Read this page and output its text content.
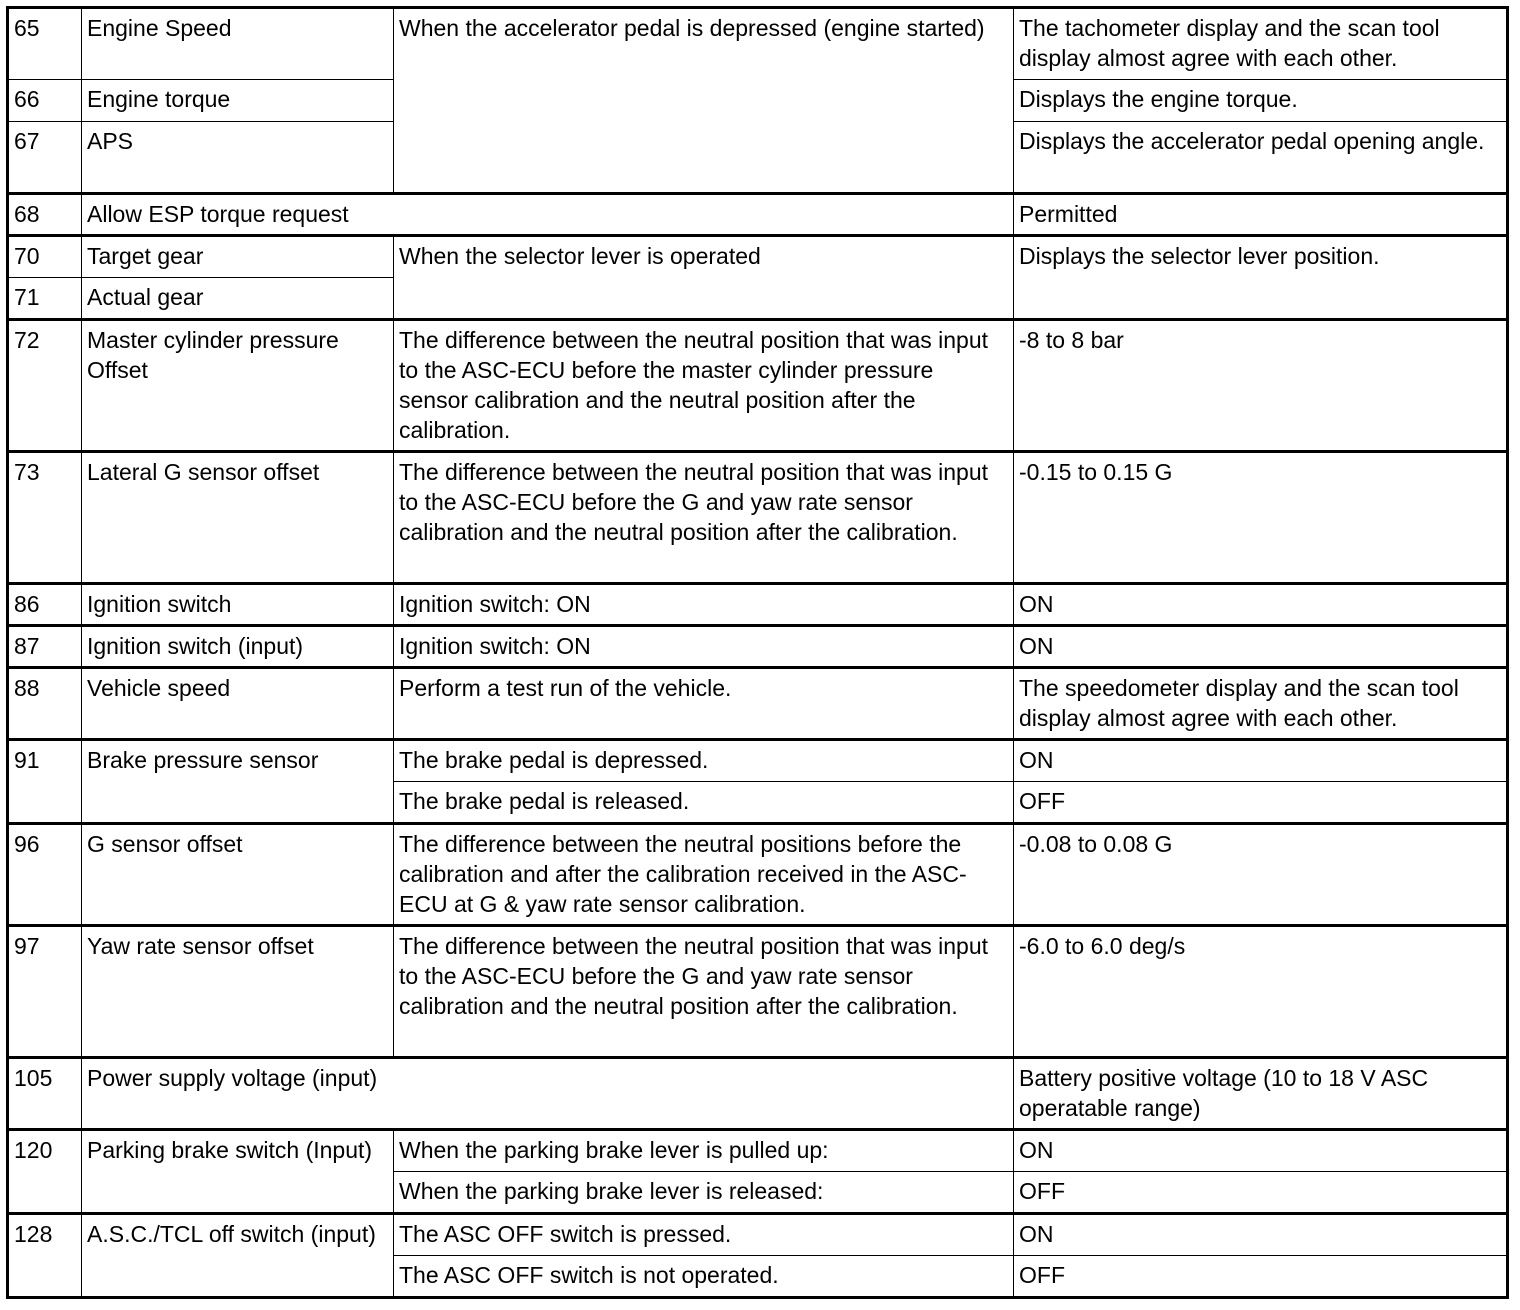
65	Engine Speed	When the accelerator pedal is depressed (engine started)	The tachometer display and the scan tool display almost agree with each other.
66	Engine torque		Displays the engine torque.
67	APS		Displays the accelerator pedal opening angle.
68	Allow ESP torque request		Permitted
70	Target gear	When the selector lever is operated	Displays the selector lever position.
71	Actual gear		
72	Master cylinder pressure Offset	The difference between the neutral position that was input to the ASC-ECU before the master cylinder pressure sensor calibration and the neutral position after the calibration.	-8 to 8 bar
73	Lateral G sensor offset	The difference between the neutral position that was input to the ASC-ECU before the G and yaw rate sensor calibration and the neutral position after the calibration.	-0.15 to 0.15 G
86	Ignition switch	Ignition switch: ON	ON
87	Ignition switch (input)	Ignition switch: ON	ON
88	Vehicle speed	Perform a test run of the vehicle.	The speedometer display and the scan tool display almost agree with each other.
91	Brake pressure sensor	The brake pedal is depressed.	ON
		The brake pedal is released.	OFF
96	G sensor offset	The difference between the neutral positions before the calibration and after the calibration received in the ASC-ECU at G & yaw rate sensor calibration.	-0.08 to 0.08 G
97	Yaw rate sensor offset	The difference between the neutral position that was input to the ASC-ECU before the G and yaw rate sensor calibration and the neutral position after the calibration.	-6.0 to 6.0 deg/s
105	Power supply voltage (input)		Battery positive voltage (10 to 18 V ASC operatable range)
120	Parking brake switch (Input)	When the parking brake lever is pulled up:	ON
		When the parking brake lever is released:	OFF
128	A.S.C./TCL off switch (input)	The ASC OFF switch is pressed.	ON
		The ASC OFF switch is not operated.	OFF
